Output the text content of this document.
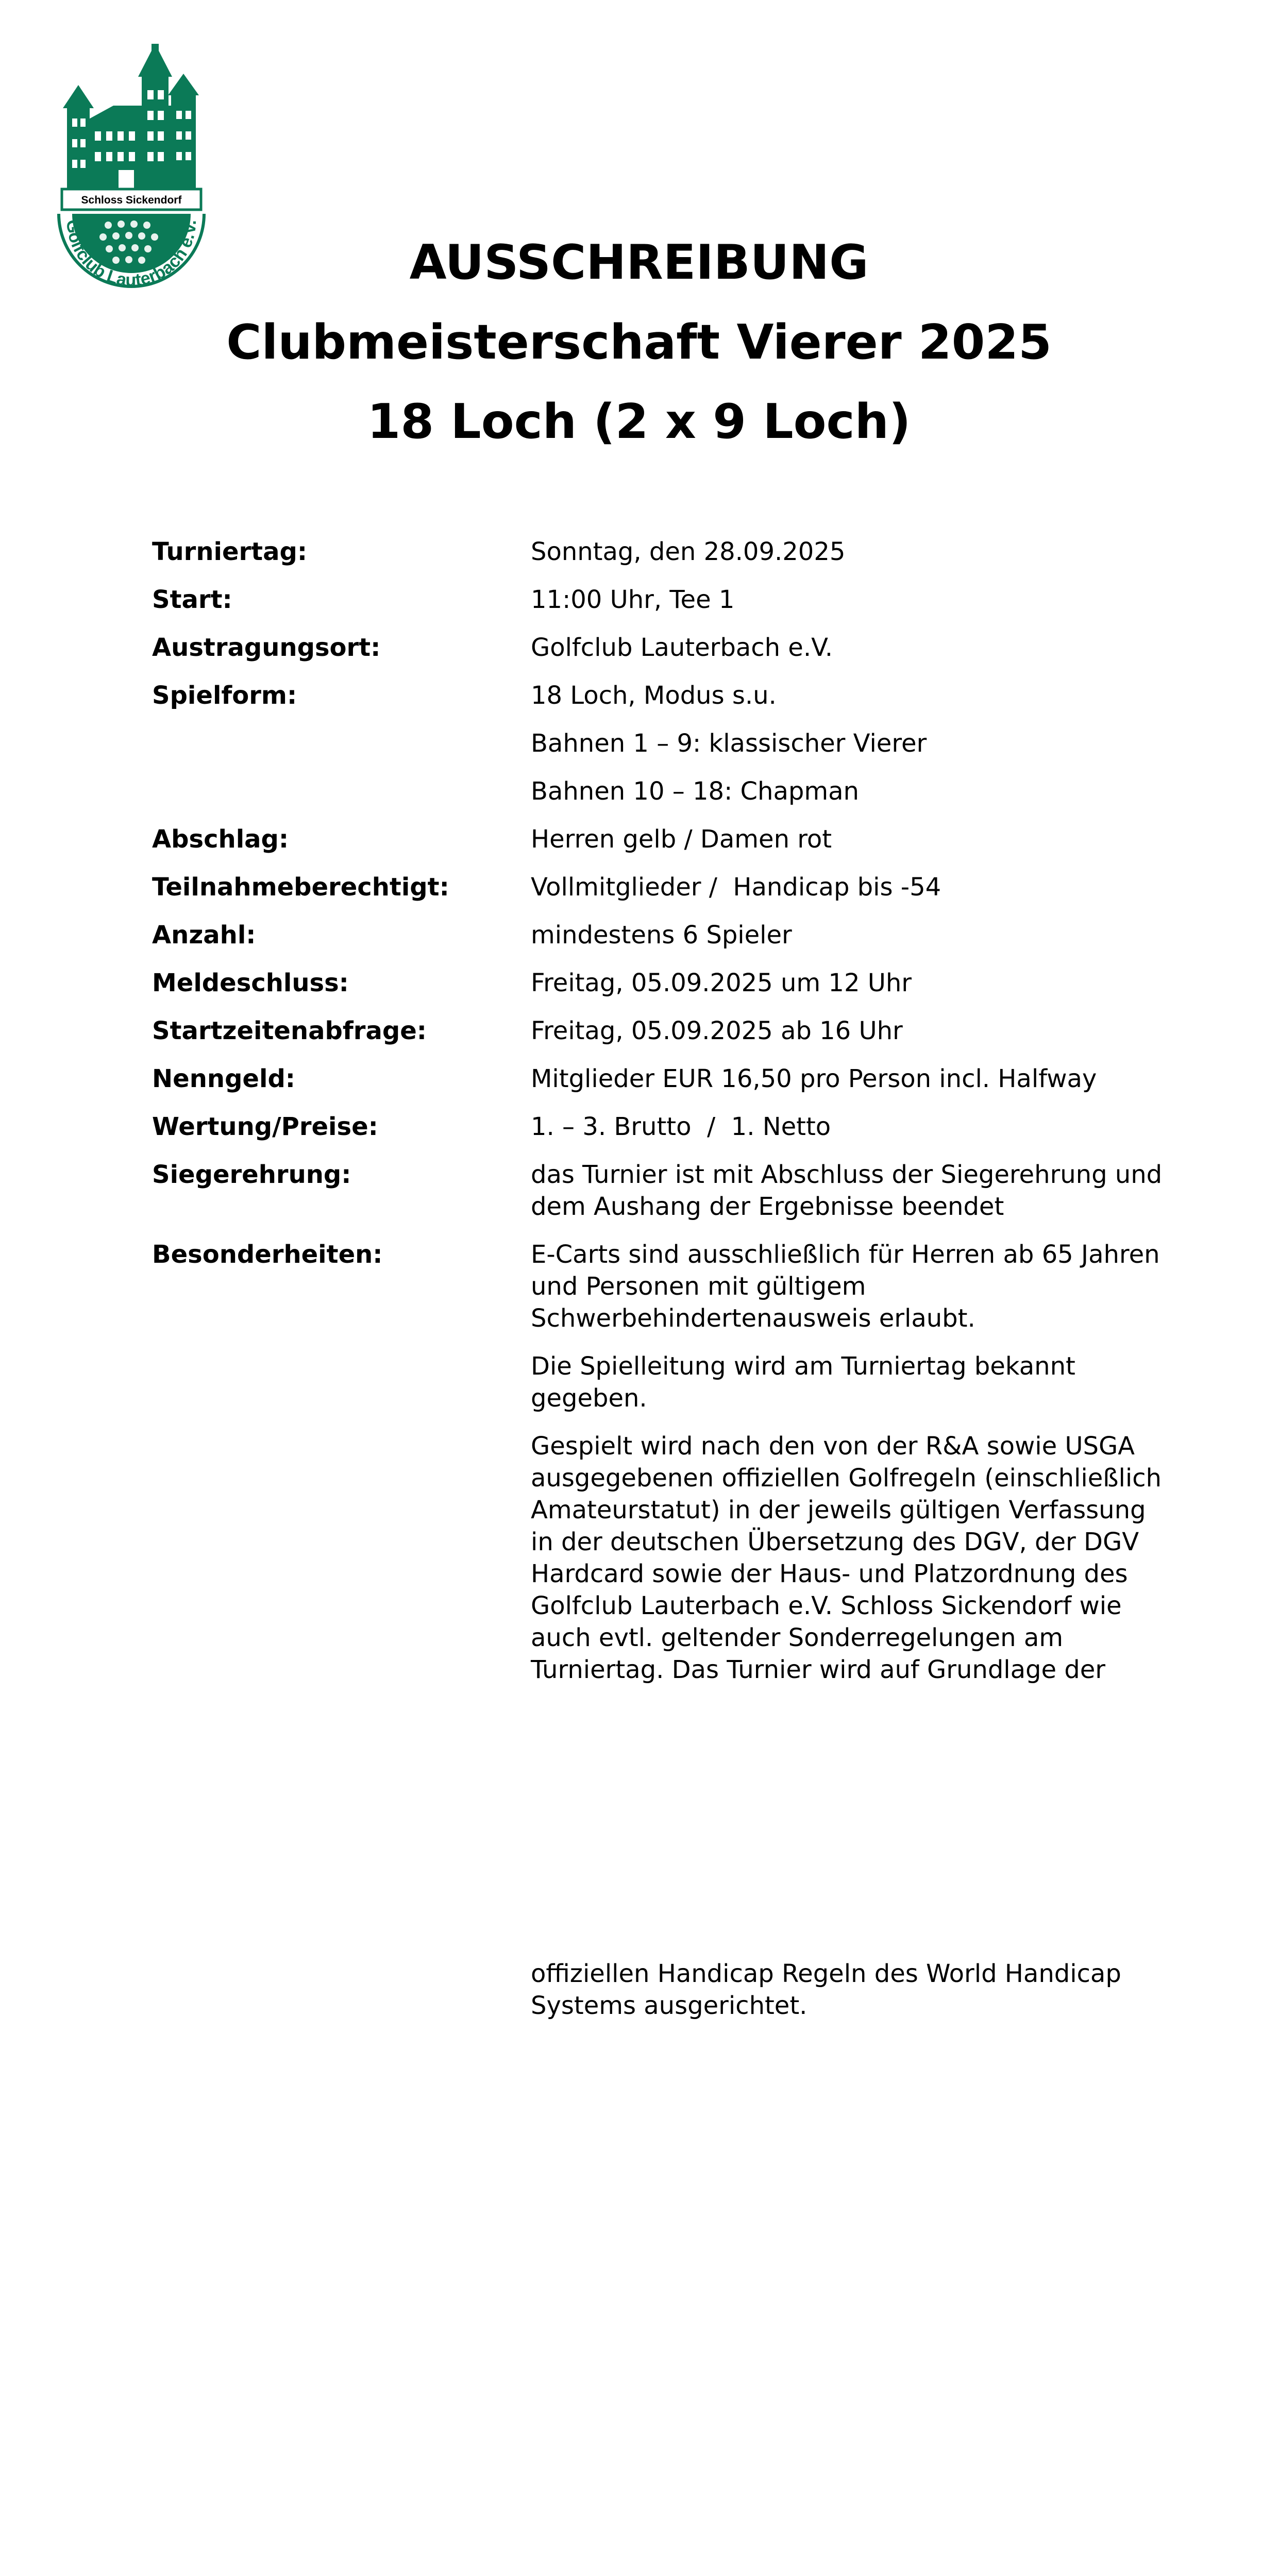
Schloss Sickendorf
Golfclub Lauterbach e.V.
AUSSCHREIBUNG
Clubmeisterschaft Vierer 2025
18 Loch (2 x 9 Loch)
Turniertag:	Sonntag, den 28.09.2025
Start:	11:00 Uhr, Tee 1
Austragungsort:	Golfclub Lauterbach e.V.
Spielform:	18 Loch, Modus s.u.

Bahnen 1 – 9: klassischer Vierer

Bahnen 10 – 18: Chapman

Abschlag:	Herren gelb / Damen rot
Teilnahmeberechtigt:	Vollmitglieder /  Handicap bis -54
Anzahl:	mindestens 6 Spieler
Meldeschluss:	Freitag, 05.09.2025 um 12 Uhr
Startzeitenabfrage:	Freitag, 05.09.2025 ab 16 Uhr
Nenngeld:	Mitglieder EUR 16,50 pro Person incl. Halfway
Wertung/Preise:	1. – 3. Brutto  /  1. Netto
Siegerehrung:	das Turnier ist mit Abschluss der Siegerehrung und dem Aushang der Ergebnisse beendet
Besonderheiten:	E-Carts sind ausschließlich für Herren ab 65 Jahren und Personen mit gültigem Schwerbehindertenausweis erlaubt.

Die Spielleitung wird am Turniertag bekannt gegeben.

Gespielt wird nach den von der R&A sowie USGA ausgegebenen offiziellen Golfregeln (einschließlich Amateurstatut) in der jeweils gültigen Verfassung in der deutschen Übersetzung des DGV, der DGV Hardcard sowie der Haus- und Platzordnung des Golfclub Lauterbach e.V. Schloss Sickendorf wie auch evtl. geltender Sonderregelungen am Turniertag. Das Turnier wird auf Grundlage der

offiziellen Handicap Regeln des World Handicap Systems ausgerichtet.
